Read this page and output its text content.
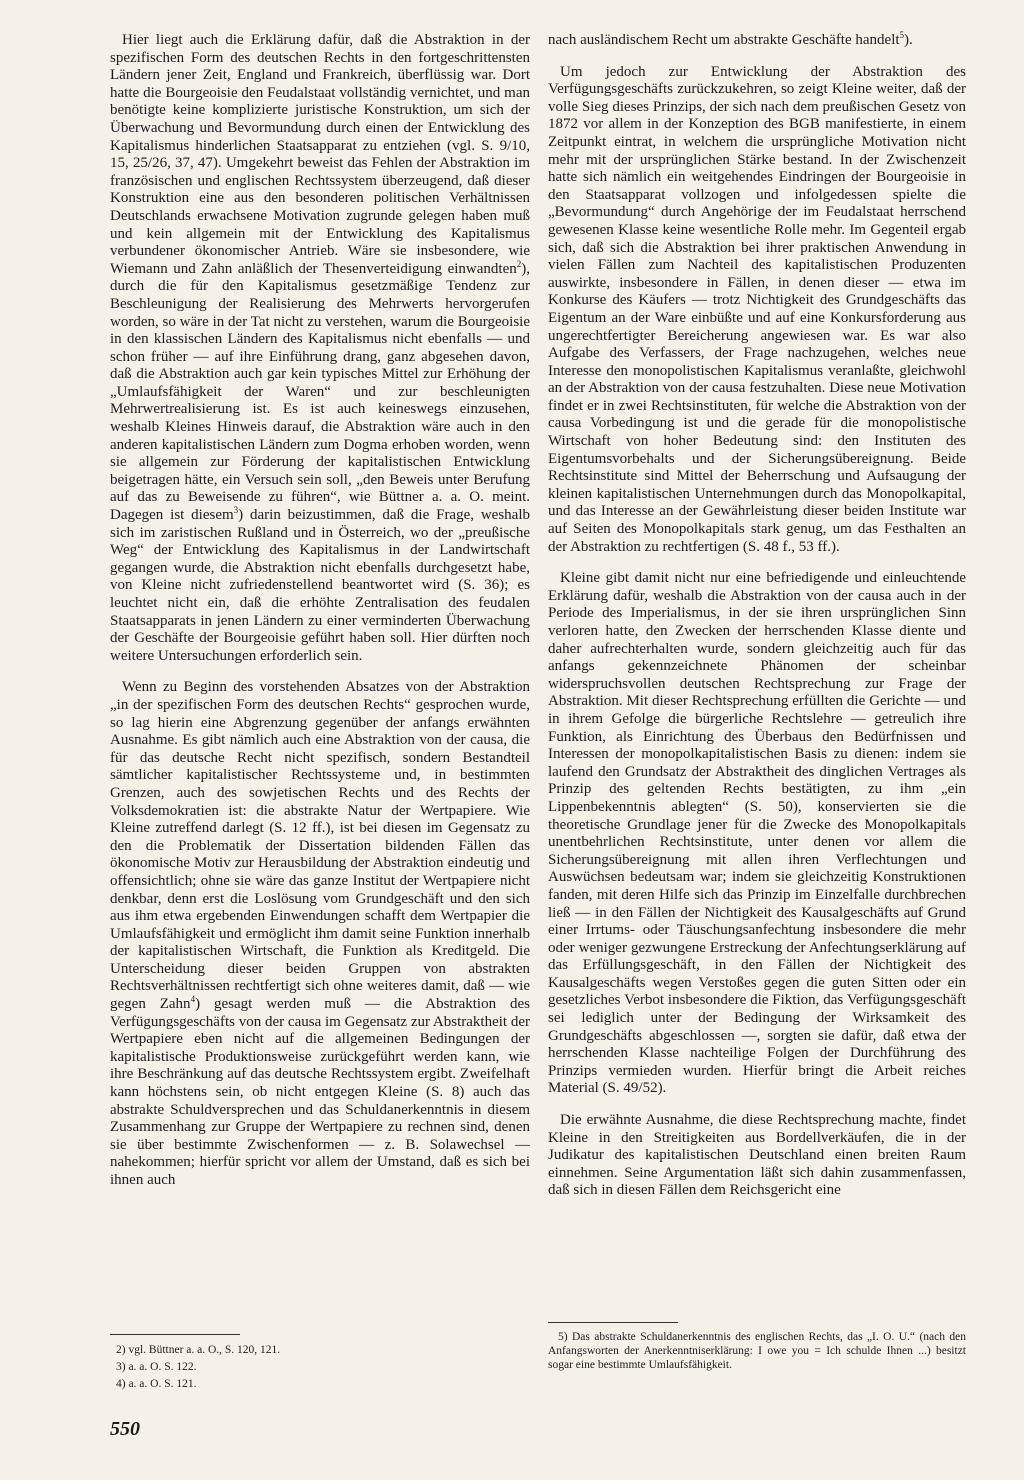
Hier liegt auch die Erklärung dafür, daß die Abstraktion in der spezifischen Form des deutschen Rechts in den fortgeschrittensten Ländern jener Zeit, England und Frankreich, überflüssig war. Dort hatte die Bourgeoisie den Feudalstaat vollständig vernichtet, und man benötigte keine komplizierte juristische Konstruktion, um sich der Überwachung und Bevormundung durch einen der Entwicklung des Kapitalismus hinderlichen Staatsapparat zu entziehen (vgl. S. 9/10, 15, 25/26, 37, 47). Umgekehrt beweist das Fehlen der Abstraktion im französischen und englischen Rechtssystem überzeugend, daß dieser Konstruktion eine aus den besonderen politischen Verhältnissen Deutschlands erwachsene Motivation zugrunde gelegen haben muß und kein allgemein mit der Entwicklung des Kapitalismus verbundener ökonomischer Antrieb. Wäre sie insbesondere, wie Wiemann und Zahn anläßlich der Thesenverteidigung einwandten$^2$), durch die für den Kapitalismus gesetzmäßige Tendenz zur Beschleunigung der Realisierung des Mehrwerts hervorgerufen worden, so wäre in der Tat nicht zu verstehen, warum die Bourgeoisie in den klassischen Ländern des Kapitalismus nicht ebenfalls — und schon früher — auf ihre Einführung drang, ganz abgesehen davon, daß die Abstraktion auch gar kein typisches Mittel zur Erhöhung der „Umlaufsfähigkeit der Waren“ und zur beschleunigten Mehrwertrealisierung ist. Es ist auch keineswegs einzusehen, weshalb Kleines Hinweis darauf, die Abstraktion wäre auch in den anderen kapitalistischen Ländern zum Dogma erhoben worden, wenn sie allgemein zur Förderung der kapitalistischen Entwicklung beigetragen hätte, ein Versuch sein soll, „den Beweis unter Berufung auf das zu Beweisende zu führen“, wie Büttner a. a. O. meint. Dagegen ist diesem$^3$) darin beizustimmen, daß die Frage, weshalb sich im zaristischen Rußland und in Österreich, wo der „preußische Weg“ der Entwicklung des Kapitalismus in der Landwirtschaft gegangen wurde, die Abstraktion nicht ebenfalls durchgesetzt habe, von Kleine nicht zufriedenstellend beantwortet wird (S. 36); es leuchtet nicht ein, daß die erhöhte Zentralisation des feudalen Staatsapparats in jenen Ländern zu einer verminderten Überwachung der Geschäfte der Bourgeoisie geführt haben soll. Hier dürften noch weitere Untersuchungen erforderlich sein.

Wenn zu Beginn des vorstehenden Absatzes von der Abstraktion „in der spezifischen Form des deutschen Rechts“ gesprochen wurde, so lag hierin eine Abgrenzung gegenüber der anfangs erwähnten Ausnahme. Es gibt nämlich auch eine Abstraktion von der causa, die für das deutsche Recht nicht spezifisch, sondern Bestandteil sämtlicher kapitalistischer Rechtssysteme und, in bestimmten Grenzen, auch des sowjetischen Rechts und des Rechts der Volksdemokratien ist: die abstrakte Natur der Wertpapiere. Wie Kleine zutreffend darlegt (S. 12 ff.), ist bei diesen im Gegensatz zu den die Problematik der Dissertation bildenden Fällen das ökonomische Motiv zur Herausbildung der Abstraktion eindeutig und offensichtlich; ohne sie wäre das ganze Institut der Wertpapiere nicht denkbar, denn erst die Loslösung vom Grundgeschäft und den sich aus ihm etwa ergebenden Einwendungen schafft dem Wertpapier die Umlaufsfähigkeit und ermöglicht ihm damit seine Funktion innerhalb der kapitalistischen Wirtschaft, die Funktion als Kreditgeld. Die Unterscheidung dieser beiden Gruppen von abstrakten Rechtsverhältnissen rechtfertigt sich ohne weiteres damit, daß — wie gegen Zahn$^4$) gesagt werden muß — die Abstraktion des Verfügungsgeschäfts von der causa im Gegensatz zur Abstraktheit der Wertpapiere eben nicht auf die allgemeinen Bedingungen der kapitalistische Produktionsweise zurückgeführt werden kann, wie ihre Beschränkung auf das deutsche Rechtssystem ergibt. Zweifelhaft kann höchstens sein, ob nicht entgegen Kleine (S. 8) auch das abstrakte Schuldversprechen und das Schuldanerkenntnis in diesem Zusammenhang zur Gruppe der Wertpapiere zu rechnen sind, denen sie über bestimmte Zwischenformen — z. B. Solawechsel — nahekommen; hierfür spricht vor allem der Umstand, daß es sich bei ihnen auch

nach ausländischem Recht um abstrakte Geschäfte handelt$^5$).

Um jedoch zur Entwicklung der Abstraktion des Verfügungsgeschäfts zurückzukehren, so zeigt Kleine weiter, daß der volle Sieg dieses Prinzips, der sich nach dem preußischen Gesetz von 1872 vor allem in der Konzeption des BGB manifestierte, in einem Zeitpunkt eintrat, in welchem die ursprüngliche Motivation nicht mehr mit der ursprünglichen Stärke bestand. In der Zwischenzeit hatte sich nämlich ein weitgehendes Eindringen der Bourgeoisie in den Staatsapparat vollzogen und infolgedessen spielte die „Bevormundung“ durch Angehörige der im Feudalstaat herrschend gewesenen Klasse keine wesentliche Rolle mehr. Im Gegenteil ergab sich, daß sich die Abstraktion bei ihrer praktischen Anwendung in vielen Fällen zum Nachteil des kapitalistischen Produzenten auswirkte, insbesondere in Fällen, in denen dieser — etwa im Konkurse des Käufers — trotz Nichtigkeit des Grundgeschäfts das Eigentum an der Ware einbüßte und auf eine Konkursforderung aus ungerechtfertigter Bereicherung angewiesen war. Es war also Aufgabe des Verfassers, der Frage nachzugehen, welches neue Interesse den monopolistischen Kapitalismus veranlaßte, gleichwohl an der Abstraktion von der causa festzuhalten. Diese neue Motivation findet er in zwei Rechtsinstituten, für welche die Abstraktion von der causa Vorbedingung ist und die gerade für die monopolistische Wirtschaft von hoher Bedeutung sind: den Instituten des Eigentumsvorbehalts und der Sicherungsübereignung. Beide Rechtsinstitute sind Mittel der Beherrschung und Aufsaugung der kleinen kapitalistischen Unternehmungen durch das Monopolkapital, und das Interesse an der Gewährleistung dieser beiden Institute war auf Seiten des Monopolkapitals stark genug, um das Festhalten an der Abstraktion zu rechtfertigen (S. 48 f., 53 ff.).

Kleine gibt damit nicht nur eine befriedigende und einleuchtende Erklärung dafür, weshalb die Abstraktion von der causa auch in der Periode des Imperialismus, in der sie ihren ursprünglichen Sinn verloren hatte, den Zwecken der herrschenden Klasse diente und daher aufrechterhalten wurde, sondern gleichzeitig auch für das anfangs gekennzeichnete Phänomen der scheinbar widerspruchsvollen deutschen Rechtsprechung zur Frage der Abstraktion. Mit dieser Rechtsprechung erfüllten die Gerichte — und in ihrem Gefolge die bürgerliche Rechtslehre — getreulich ihre Funktion, als Einrichtung des Überbaus den Bedürfnissen und Interessen der monopolkapitalistischen Basis zu dienen: indem sie laufend den Grundsatz der Abstraktheit des dinglichen Vertrages als Prinzip des geltenden Rechts bestätigten, zu ihm „ein Lippenbekenntnis ablegten“ (S. 50), konservierten sie die theoretische Grundlage jener für die Zwecke des Monopolkapitals unentbehrlichen Rechtsinstitute, unter denen vor allem die Sicherungsübereignung mit allen ihren Verflechtungen und Auswüchsen bedeutsam war; indem sie gleichzeitig Konstruktionen fanden, mit deren Hilfe sich das Prinzip im Einzelfalle durchbrechen ließ — in den Fällen der Nichtigkeit des Kausalgeschäfts auf Grund einer Irrtums- oder Täuschungsanfechtung insbesondere die mehr oder weniger gezwungene Erstreckung der Anfechtungserklärung auf das Erfüllungsgeschäft, in den Fällen der Nichtigkeit des Kausalgeschäfts wegen Verstoßes gegen die guten Sitten oder ein gesetzliches Verbot insbesondere die Fiktion, das Verfügungsgeschäft sei lediglich unter der Bedingung der Wirksamkeit des Grundgeschäfts abgeschlossen —, sorgten sie dafür, daß etwa der herrschenden Klasse nachteilige Folgen der Durchführung des Prinzips vermieden wurden. Hierfür bringt die Arbeit reiches Material (S. 49/52).

Die erwähnte Ausnahme, die diese Rechtsprechung machte, findet Kleine in den Streitigkeiten aus Bordellverkäufen, die in der Judikatur des kapitalistischen Deutschland einen breiten Raum einnehmen. Seine Argumentation läßt sich dahin zusammenfassen, daß sich in diesen Fällen dem Reichsgericht eine

2) vgl. Büttner a. a. O., S. 120, 121.
3) a. a. O. S. 122.
4) a. a. O. S. 121.

5) Das abstrakte Schuldanerkenntnis des englischen Rechts, das „I. O. U.“ (nach den Anfangsworten der Anerkenntniserklärung: I owe you = Ich schulde Ihnen ...) besitzt sogar eine bestimmte Umlaufsfähigkeit.

550
